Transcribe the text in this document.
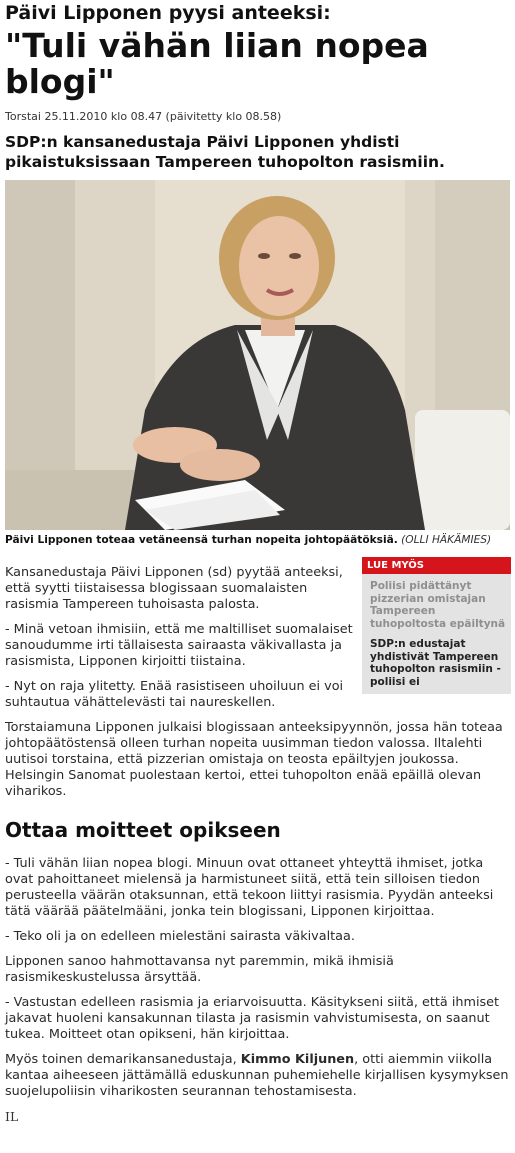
Päivi Lipponen pyysi anteeksi:
"Tuli vähän liian nopea blogi"
Torstai 25.11.2010 klo 08.47 (päivitetty klo 08.58)
SDP:n kansanedustaja Päivi Lipponen yhdisti pikaistuksissaan Tampereen tuhopolton rasismiin.
Päivi Lipponen toteaa vetäneensä turhan nopeita johtopäätöksiä. (OLLI HÄKÄMIES)

Kansanedustaja Päivi Lipponen (sd) pyytää anteeksi, että syytti tiistaisessa blogissaan suomalaisten rasismia Tampereen tuhoisasta palosta.

- Minä vetoan ihmisiin, että me maltilliset suomalaiset sanoudumme irti tällaisesta sairaasta väkivallasta ja rasismista, Lipponen kirjoitti tiistaina.

- Nyt on raja ylitetty. Enää rasistiseen uhoiluun ei voi suhtautua vähättelevästi tai naureskellen.

LUE MYÖS
Poliisi pidättänyt pizzerian omistajan Tampereen tuhopoltosta epäiltynä
SDP:n edustajat yhdistivät Tampereen tuhopolton rasismiin - poliisi ei

Torstaiamuna Lipponen julkaisi blogissaan anteeksipyynnön, jossa hän toteaa johtopäätöstensä olleen turhan nopeita uusimman tiedon valossa. Iltalehti uutisoi torstaina, että pizzerian omistaja on teosta epäiltyjen joukossa. Helsingin Sanomat puolestaan kertoi, ettei tuhopolton enää epäillä olevan viharikos.

Ottaa moitteet opikseen

- Tuli vähän liian nopea blogi. Minuun ovat ottaneet yhteyttä ihmiset, jotka ovat pahoittaneet mielensä ja harmistuneet siitä, että tein silloisen tiedon perusteella väärän otaksunnan, että tekoon liittyi rasismia. Pyydän anteeksi tätä väärää päätelmääni, jonka tein blogissani, Lipponen kirjoittaa.

- Teko oli ja on edelleen mielestäni sairasta väkivaltaa.

Lipponen sanoo hahmottavansa nyt paremmin, mikä ihmisiä rasismikeskustelussa ärsyttää.

- Vastustan edelleen rasismia ja eriarvoisuutta. Käsitykseni siitä, että ihmiset jakavat huoleni kansakunnan tilasta ja rasismin vahvistumisesta, on saanut tukea. Moitteet otan opikseni, hän kirjoittaa.

Myös toinen demarikansanedustaja, Kimmo Kiljunen, otti aiemmin viikolla kantaa aiheeseen jättämällä eduskunnan puhemiehelle kirjallisen kysymyksen suojelupoliisin viharikosten seurannan tehostamisesta.

IL
